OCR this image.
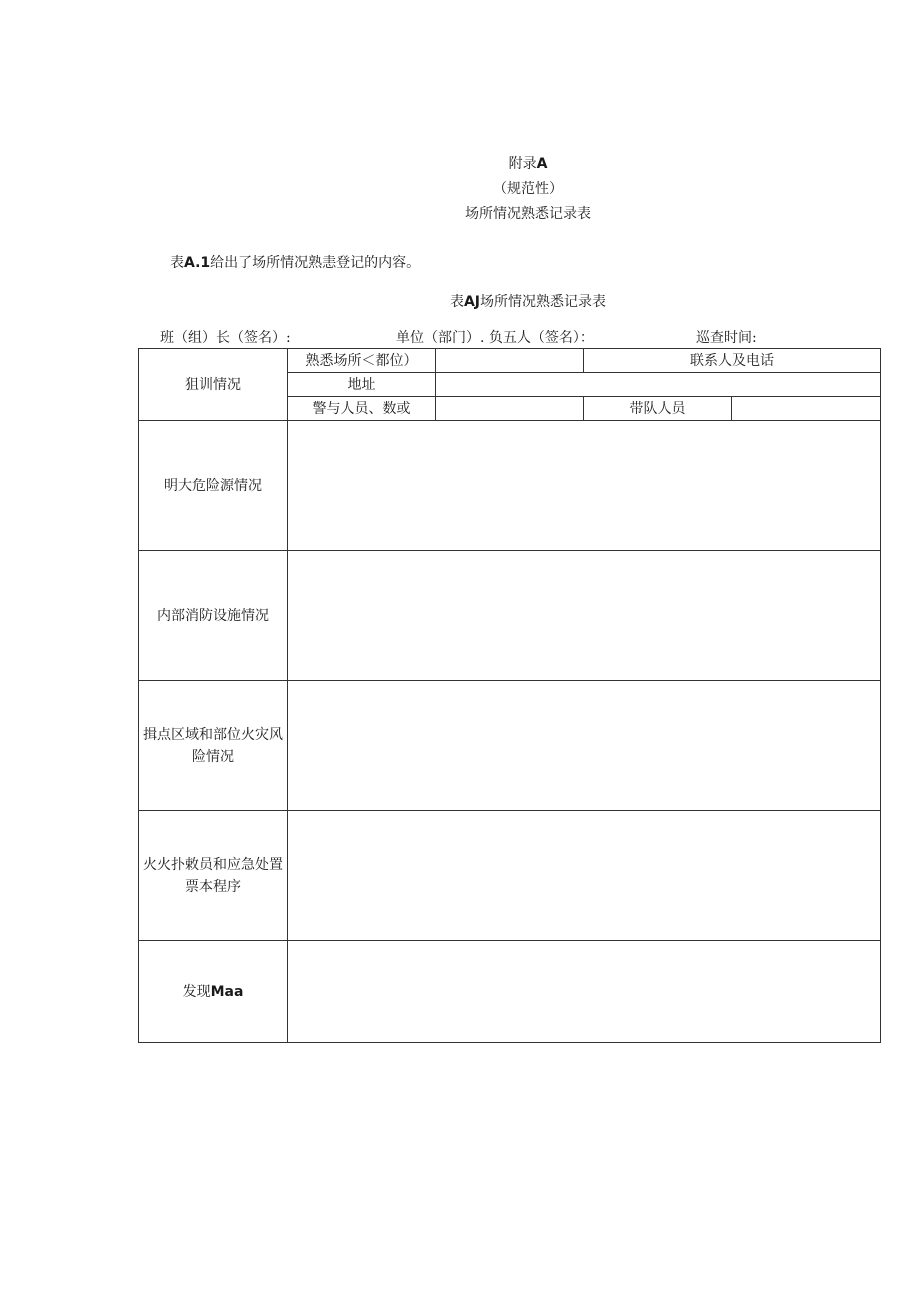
附录A
（规范性）
场所情况熟悉记录表
表A.1给出了场所情况熟恚登记的内容。
表AJ场所情况熟悉记录表
班（组）长（签名）:	单位（部门）. 负五人（签名）：	巡查时间:
狙训情况	熟悉场所＜都位）		联系人及电话	
	地址			
	警与人员、数或		带队人员	
明大危险源情况				
内部消防设施情况				
揖点区域和部位火灾风险情况				
火火扑敕员和应急处置票本程序				
发现Maa				
